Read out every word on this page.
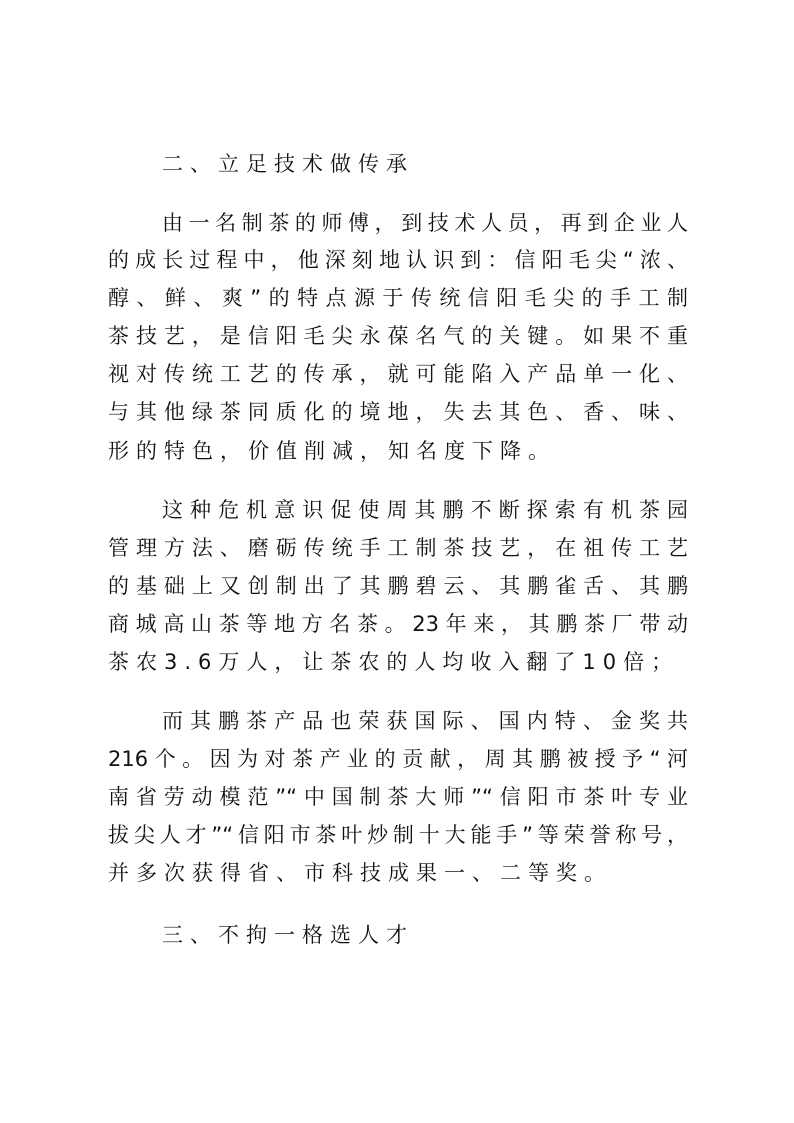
二、立足技术做传承
由一名制茶的师傅，到技术人员，再到企业人
的成长过程中，他深刻地认识到：信阳毛尖“浓、
醇、鲜、爽”的特点源于传统信阳毛尖的手工制
茶技艺，是信阳毛尖永葆名气的关键。如果不重
视对传统工艺的传承，就可能陷入产品单一化、
与其他绿茶同质化的境地，失去其色、香、味、
形的特色，价值削减，知名度下降。
这种危机意识促使周其鹏不断探索有机茶园
管理方法、磨砺传统手工制茶技艺，在祖传工艺
的基础上又创制出了其鹏碧云、其鹏雀舌、其鹏
商城高山茶等地方名茶。23年来，其鹏茶厂带动
茶农3.6万人，让茶农的人均收入翻了10倍；
而其鹏茶产品也荣获国际、国内特、金奖共
216个。因为对茶产业的贡献，周其鹏被授予“河
南省劳动模范”“中国制茶大师”“信阳市茶叶专业
拔尖人才”“信阳市茶叶炒制十大能手”等荣誉称号，
并多次获得省、市科技成果一、二等奖。
三、不拘一格选人才
